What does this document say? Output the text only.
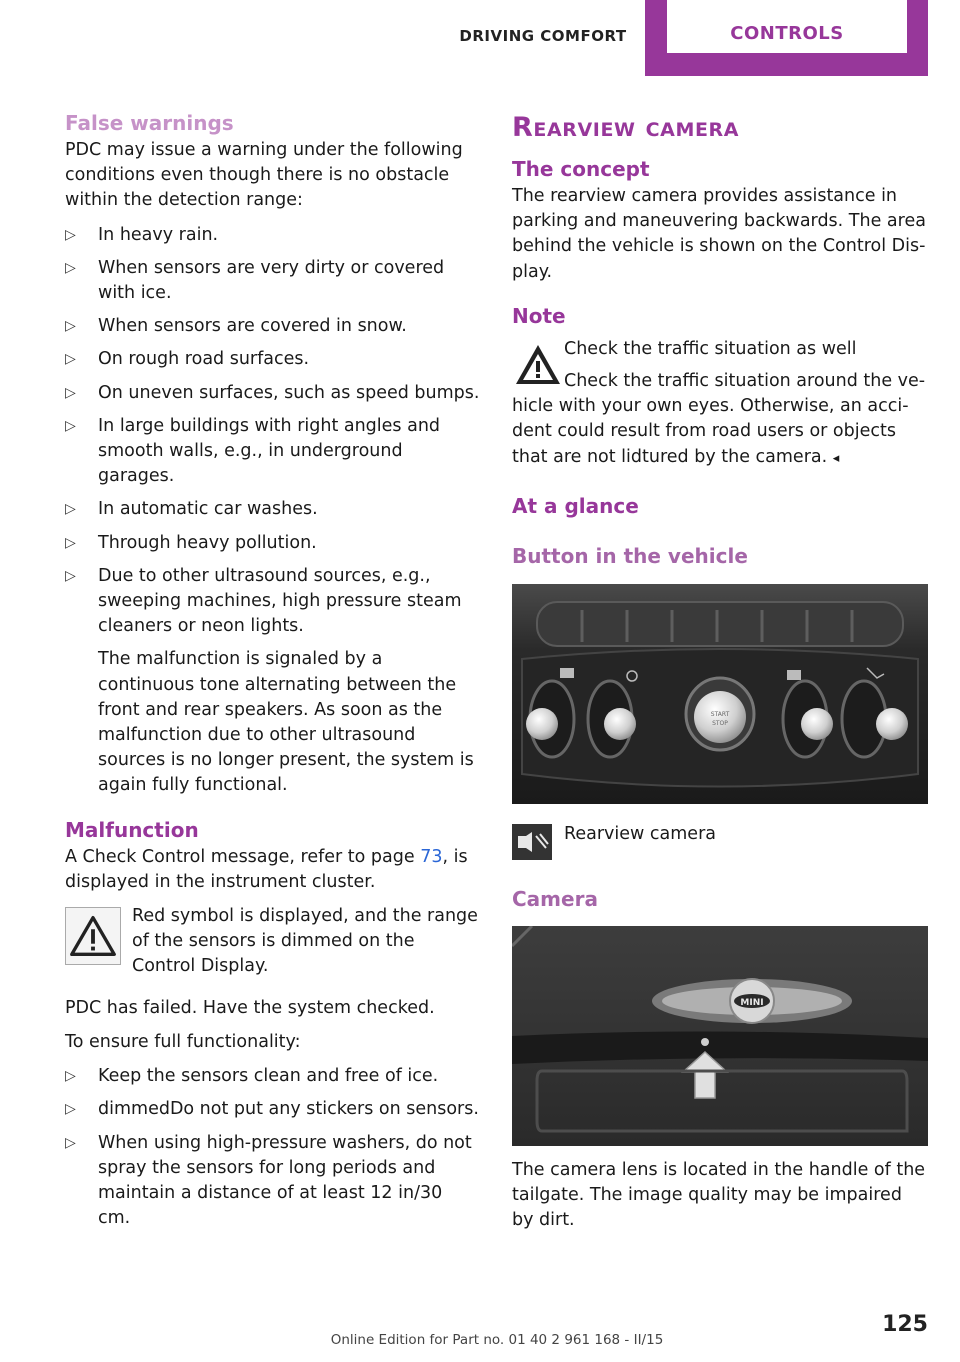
DRIVING COMFORT	CONTROLS
False warnings
PDC may issue a warning under the following conditions even though there is no obstacle within the detection range:
▷ In heavy rain.
▷ When sensors are very dirty or covered with ice.
▷ When sensors are covered in snow.
▷ On rough road surfaces.
▷ On uneven surfaces, such as speed bumps.
▷ In large buildings with right angles and smooth walls, e.g., in underground garages.
▷ In automatic car washes.
▷ Through heavy pollution.
▷ Due to other ultrasound sources, e.g., sweeping machines, high pressure steam cleaners or neon lights.
The malfunction is signaled by a continuous tone alternating between the front and rear speakers. As soon as the malfunction due to other ultrasound sources is no longer present, the system is again fully functional.
Malfunction
A Check Control message, refer to page 73, is displayed in the instrument cluster.
Red symbol is displayed, and the range of the sensors is dimmed on the Control Display.
PDC has failed. Have the system checked.
To ensure full functionality:
▷ Keep the sensors clean and free of ice.
▷ dimmedDo not put any stickers on sensors.
▷ When using high-pressure washers, do not spray the sensors for long periods and maintain a distance of at least 12 in/30 cm.
Rearview camera
The concept
The rearview camera provides assistance in parking and maneuvering backwards. The area behind the vehicle is shown on the Control Dis-play.
Note
Check the traffic situation as well
Check the traffic situation around the ve-
hicle with your own eyes. Otherwise, an acci-dent could result from road users or objects that are not lidtured by the camera. ◂
At a glance
Button in the vehicle
START
STOP
Rearview camera
Camera
MINI
The camera lens is located in the handle of the tailgate. The image quality may be impaired by dirt.
125
Online Edition for Part no. 01 40 2 961 168 - II/15
